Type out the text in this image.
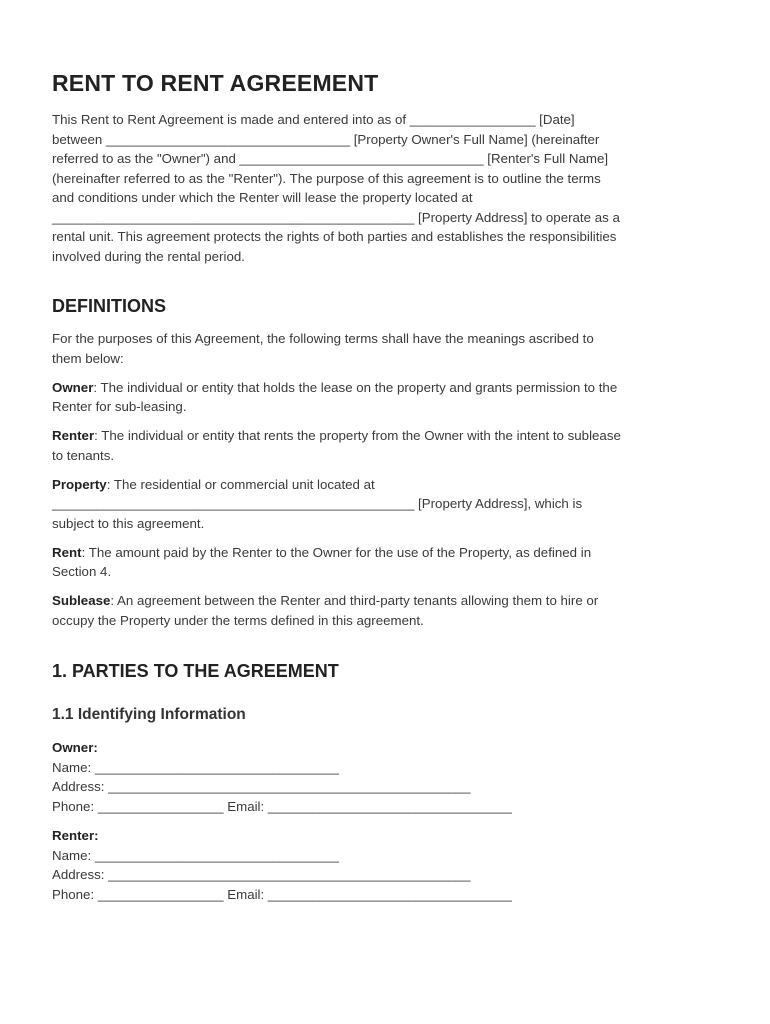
RENT TO RENT AGREEMENT

This Rent to Rent Agreement is made and entered into as of _________________ [Date]

between _________________________________ [Property Owner's Full Name] (hereinafter

referred to as the "Owner") and _________________________________ [Renter's Full Name]

(hereinafter referred to as the "Renter"). The purpose of this agreement is to outline the terms

and conditions under which the Renter will lease the property located at

_________________________________________________ [Property Address] to operate as a

rental unit. This agreement protects the rights of both parties and establishes the responsibilities

involved during the rental period.

DEFINITIONS

For the purposes of this Agreement, the following terms shall have the meanings ascribed to

them below:

Owner: The individual or entity that holds the lease on the property and grants permission to the

Renter for sub-leasing.

Renter: The individual or entity that rents the property from the Owner with the intent to sublease

to tenants.

Property: The residential or commercial unit located at

_________________________________________________ [Property Address], which is

subject to this agreement.

Rent: The amount paid by the Renter to the Owner for the use of the Property, as defined in

Section 4.

Sublease: An agreement between the Renter and third-party tenants allowing them to hire or

occupy the Property under the terms defined in this agreement.

1. PARTIES TO THE AGREEMENT
1.1 Identifying Information

Owner:

Name: _________________________________

Address: _________________________________________________

Phone: _________________ Email: _________________________________

Renter:

Name: _________________________________

Address: _________________________________________________

Phone: _________________ Email: _________________________________
